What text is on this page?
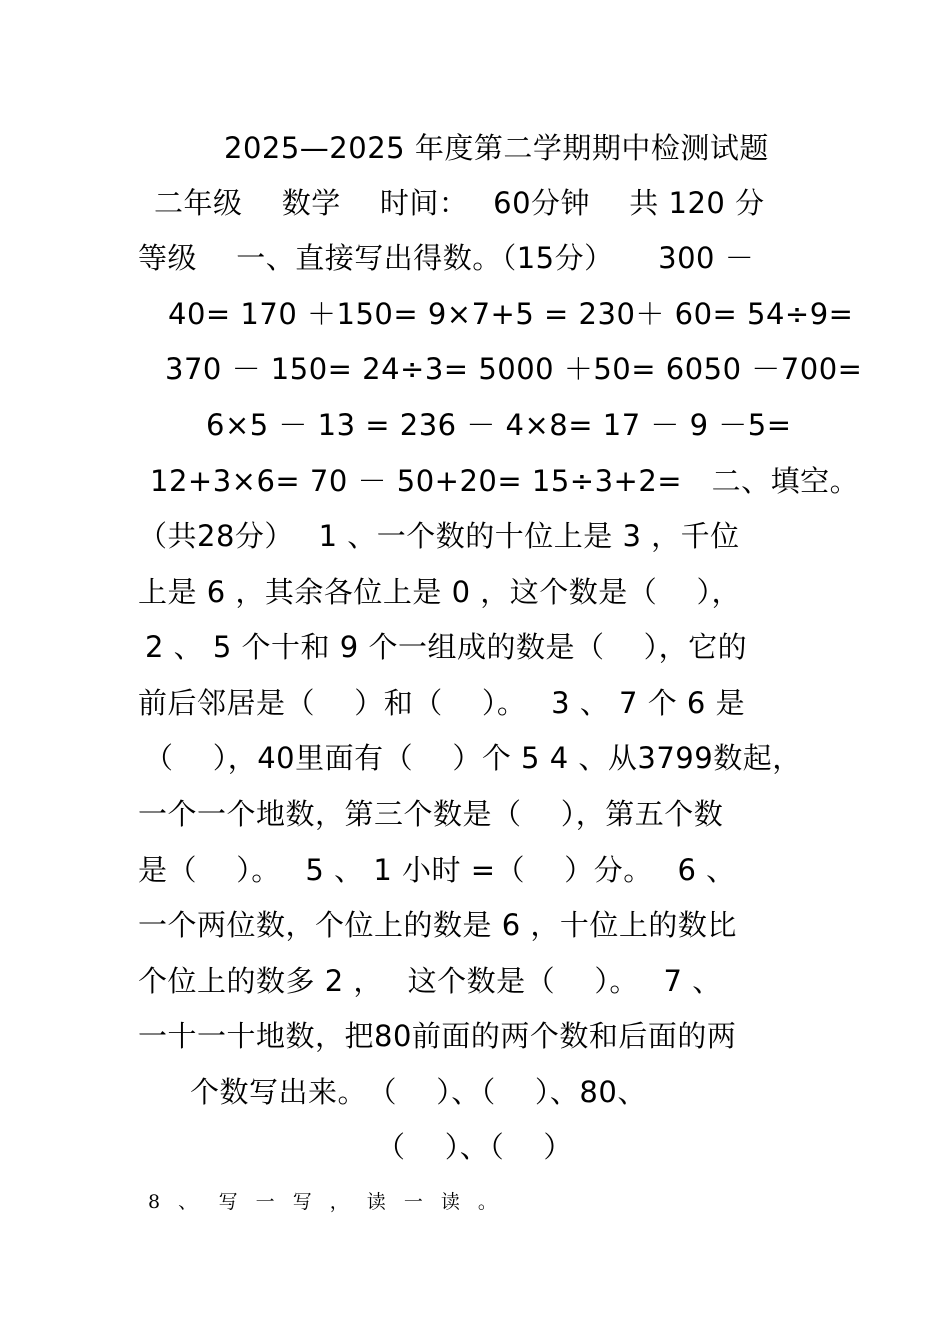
2025—2025 年度第二学期期中检测试题
二年级　 数学　 时间：　 60分钟　 共 120 分
等级　 一、直接写出得数。（15分）　　300 －
40= 170 ＋150= 9×7+5 = 230＋ 60= 54÷9=
370 － 150= 24÷3= 5000 ＋50= 6050 －700=
6×5 － 13 = 236 － 4×8= 17 － 9 －5=
12+3×6= 70 － 50+20= 15÷3+2=　二、填空。
（共28分）　 1 、一个数的十位上是 3 ，千位
上是 6 ，其余各位上是 0 ，这个数是（　 ），
2 、 5 个十和 9 个一组成的数是（　 ），它的
前后邻居是（　 ）和（　 ）。　 3 、 7 个 6 是
（　 ），40里面有（　 ）个 5 4 、从3799数起，
一个一个地数，第三个数是（　 ），第五个数
是（　 ）。　 5 、 1 小时 =（　 ）分。　 6 、
一个两位数，个位上的数是 6 ，十位上的数比
个位上的数多 2 ，　 这个数是（　 ）。　 7 、
一十一十地数，把80前面的两个数和后面的两
个数写出来。　（　 ）、（　 ）、80、
（　 ）、（　 ）
8 、　写 一 写 ， 读 一 读 。
